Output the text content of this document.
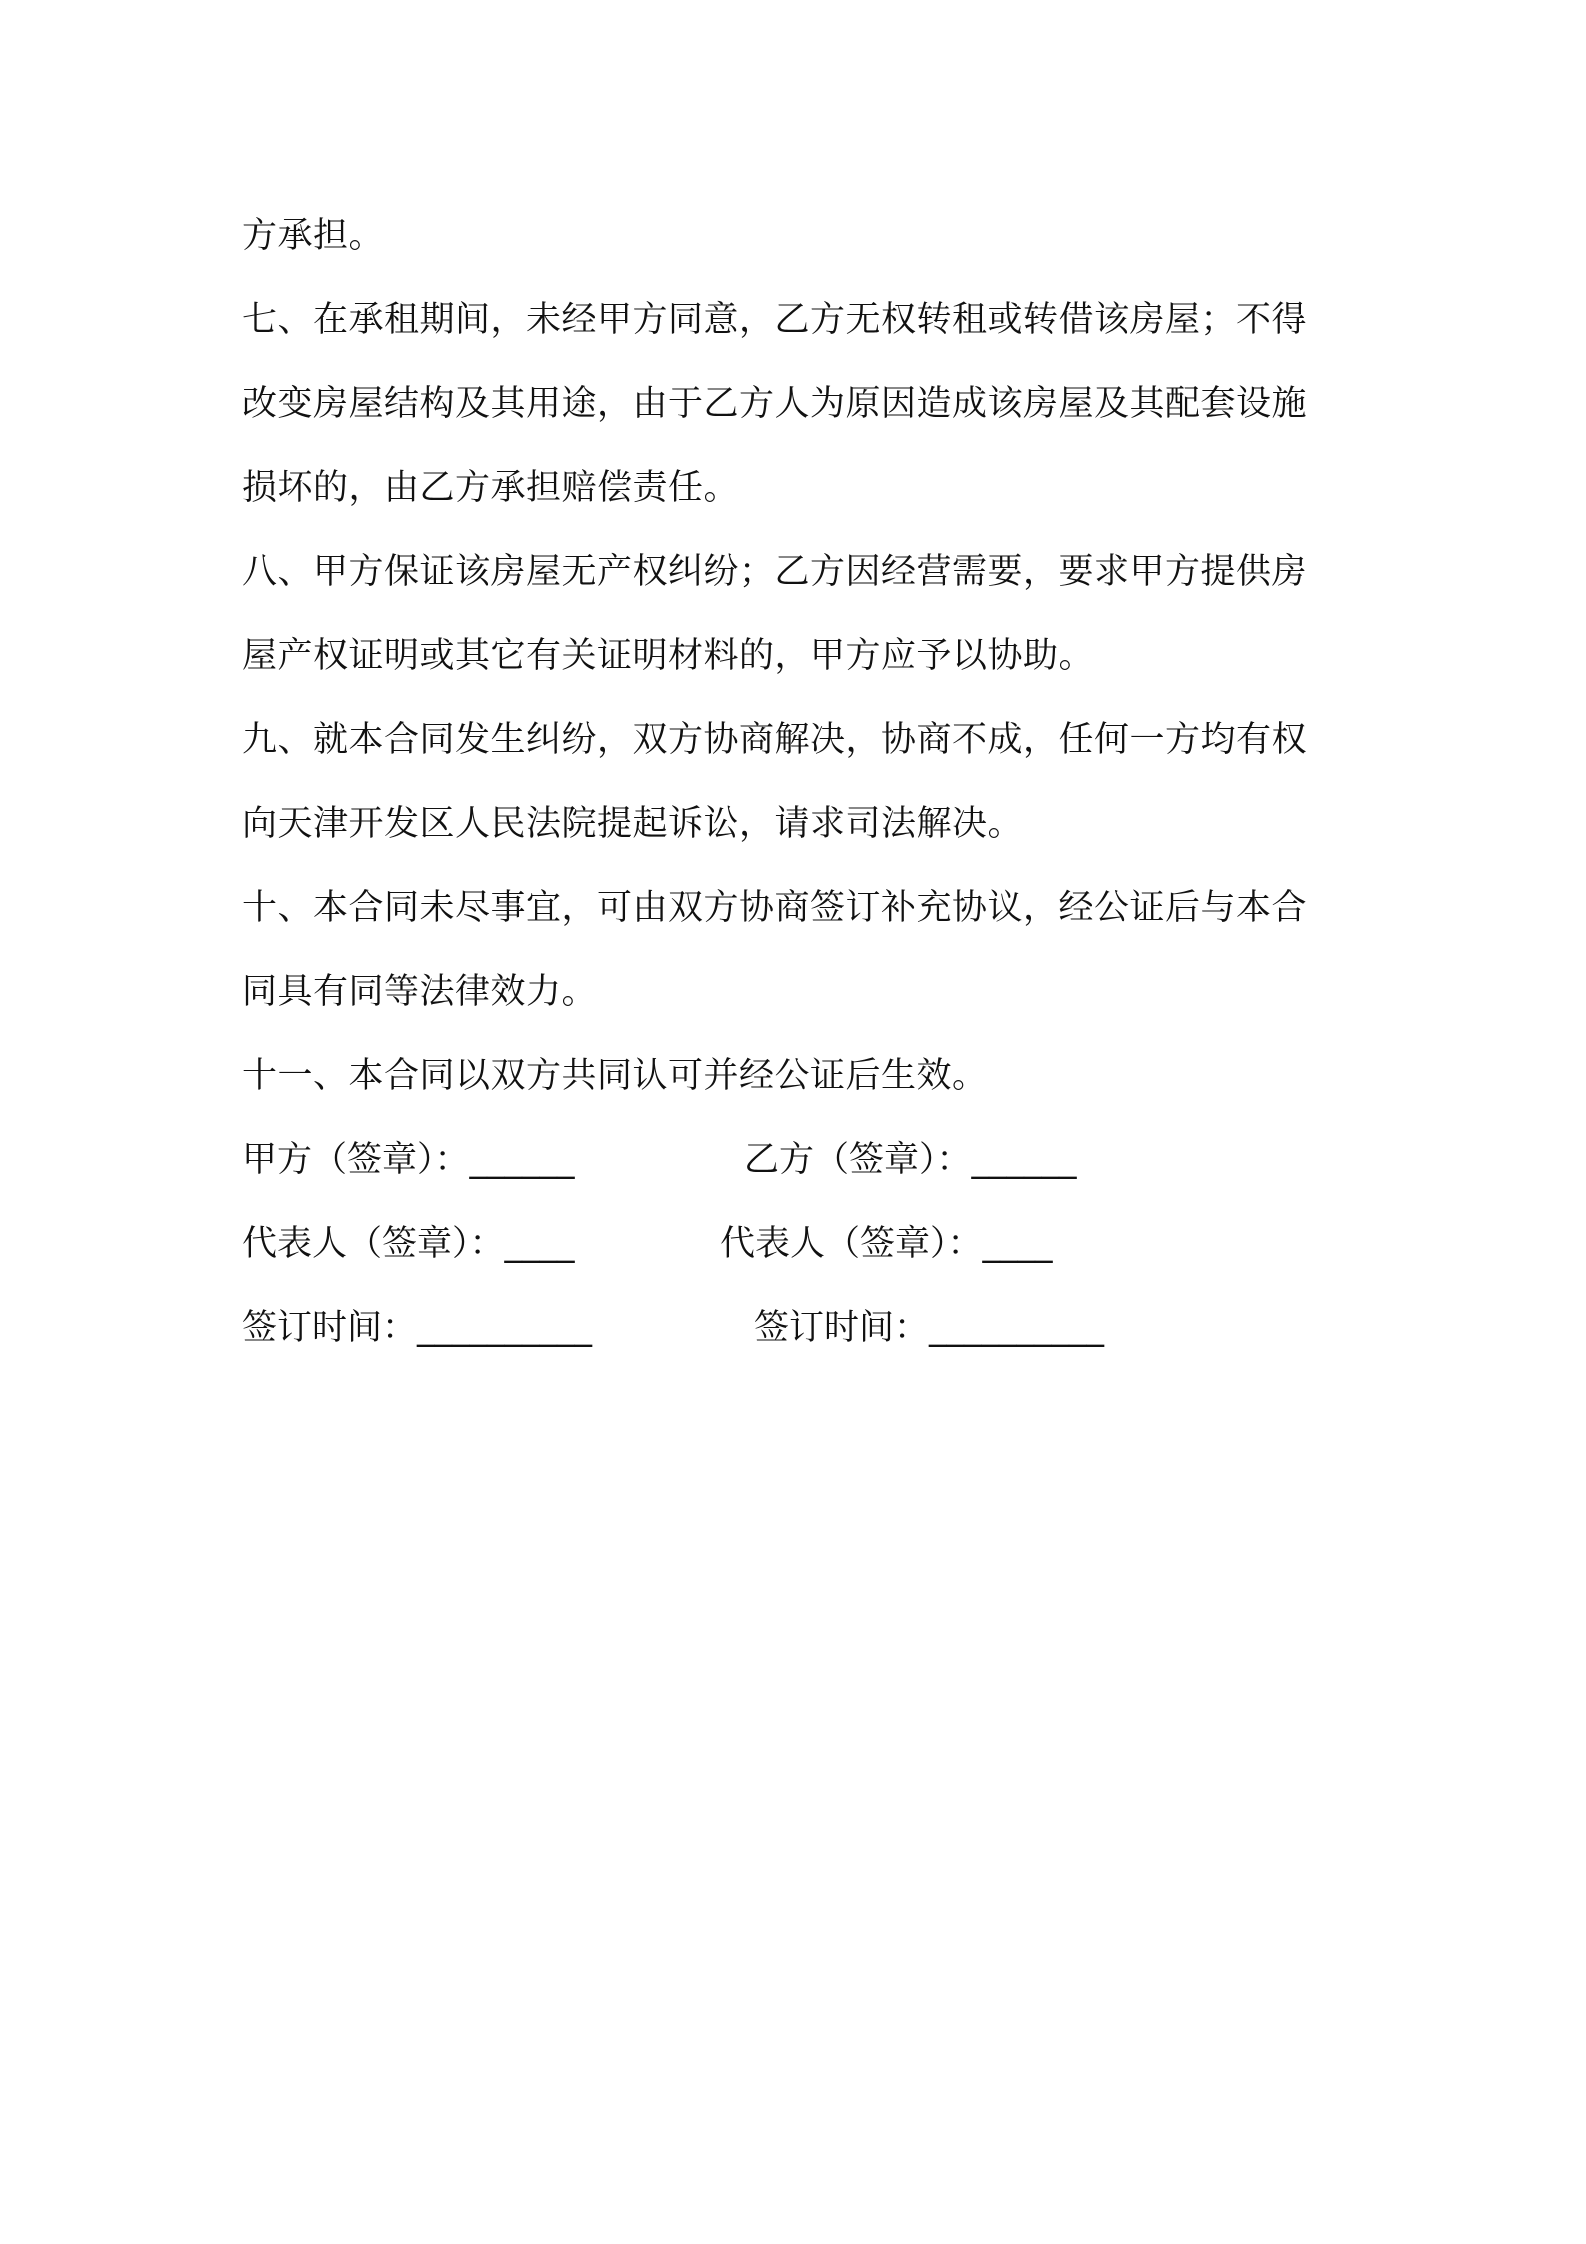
方承担。
七、在承租期间，未经甲方同意，乙方无权转租或转借该房屋；不得
改变房屋结构及其用途，由于乙方人为原因造成该房屋及其配套设施
损坏的，由乙方承担赔偿责任。
八、甲方保证该房屋无产权纠纷；乙方因经营需要，要求甲方提供房
屋产权证明或其它有关证明材料的，甲方应予以协助。
九、就本合同发生纠纷，双方协商解决，协商不成，任何一方均有权
向天津开发区人民法院提起诉讼，请求司法解决。
十、本合同未尽事宜，可由双方协商签订补充协议，经公证后与本合
同具有同等法律效力。
十一、本合同以双方共同认可并经公证后生效。
甲方（签章）：______	乙方（签章）：______
代表人（签章）：____	代表人（签章）：____
签订时间：__________	签订时间：__________
